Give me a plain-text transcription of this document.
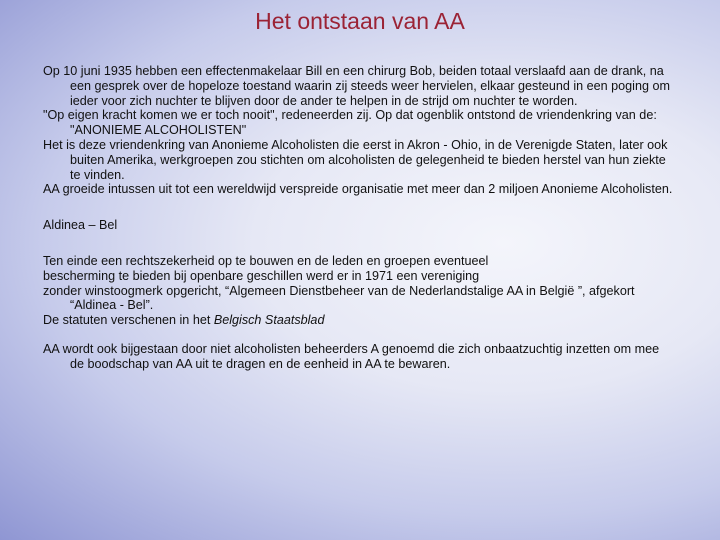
Het ontstaan van AA

Op 10 juni 1935 hebben een effectenmakelaar Bill en een chirurg Bob, beiden totaal verslaafd aan de drank, na een gesprek over de hopeloze toestand waarin zij steeds weer hervielen, elkaar gesteund in een poging om ieder voor zich nuchter te blijven door de ander te helpen in de strijd om nuchter te worden.

"Op eigen kracht komen we er toch nooit", redeneerden zij. Op dat ogenblik ontstond de vriendenkring van de: "ANONIEME ALCOHOLISTEN"

Het is deze vriendenkring van Anonieme Alcoholisten die eerst in Akron - Ohio, in de Verenigde Staten, later ook buiten Amerika, werkgroepen zou stichten om alcoholisten de gelegenheid te bieden herstel van hun ziekte te vinden.

AA groeide intussen uit tot een wereldwijd verspreide organisatie met meer dan 2 miljoen Anonieme Alcoholisten.

Aldinea – Bel

Ten einde een rechtszekerheid op te bouwen en de leden en groepen eventueel

bescherming te bieden bij openbare geschillen werd er in 1971 een vereniging

zonder winstoogmerk opgericht, “Algemeen Dienstbeheer van de Nederlandstalige AA in België ”, afgekort “Aldinea - Bel”.

De statuten verschenen in het Belgisch Staatsblad

AA wordt ook bijgestaan door niet alcoholisten beheerders A genoemd die zich onbaatzuchtig inzetten om mee de boodschap van AA uit te dragen en de eenheid in AA te bewaren.
